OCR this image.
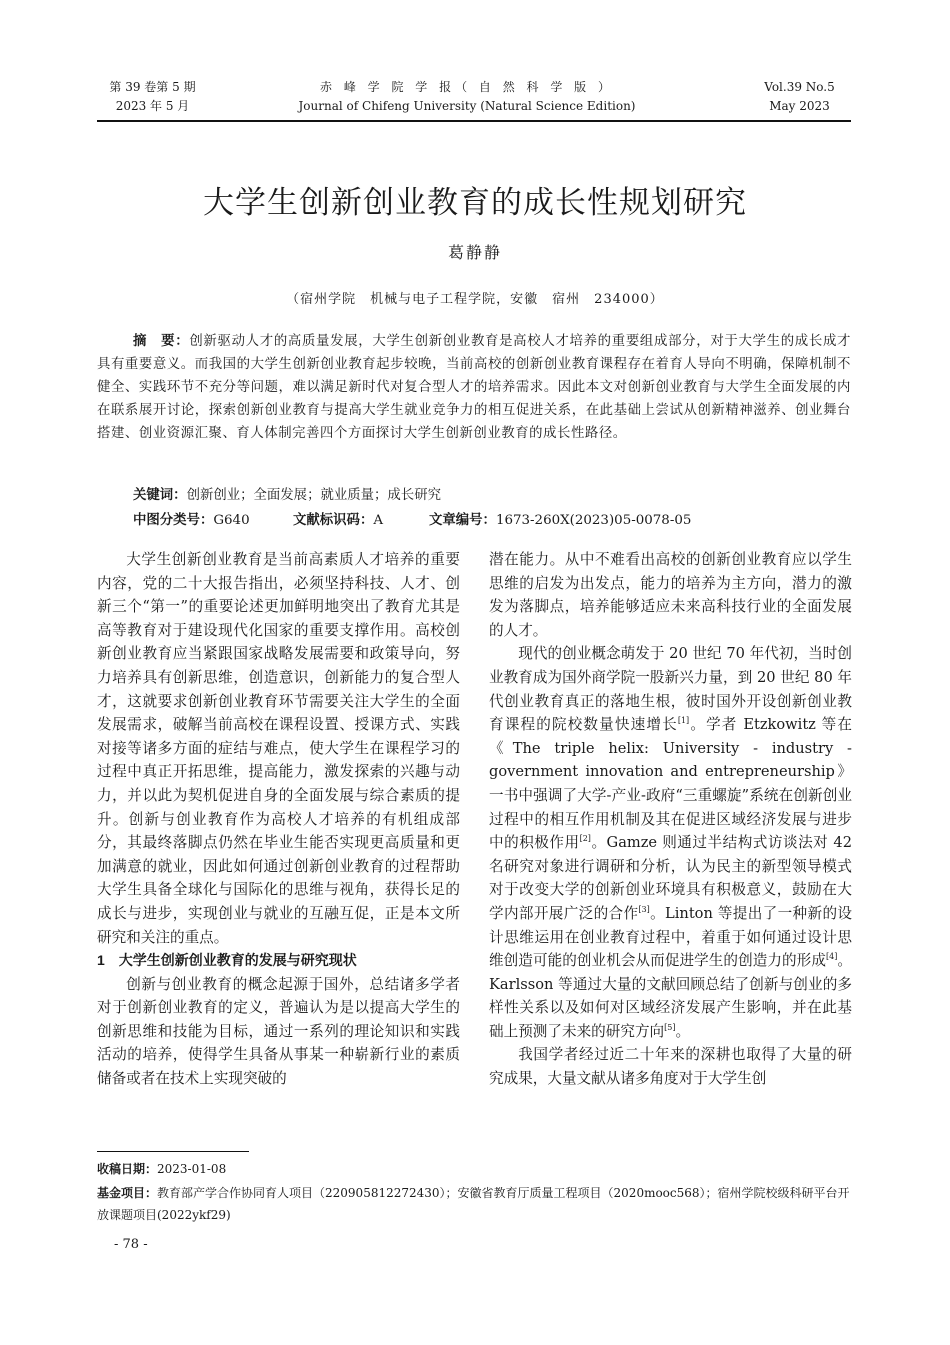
第 39 卷第 5 期
2023 年 5 月
赤 峰 学 院 学 报（ 自 然 科 学 版 ）
Journal of Chifeng University (Natural Science Edition)
Vol.39 No.5
May 2023
大学生创新创业教育的成长性规划研究
葛静静
（宿州学院　机械与电子工程学院，安徽　宿州　234000）
摘　要：创新驱动人才的高质量发展，大学生创新创业教育是高校人才培养的重要组成部分，对于大学生的成长成才具有重要意义。而我国的大学生创新创业教育起步较晚，当前高校的创新创业教育课程存在着育人导向不明确，保障机制不健全、实践环节不充分等问题，难以满足新时代对复合型人才的培养需求。因此本文对创新创业教育与大学生全面发展的内在联系展开讨论，探索创新创业教育与提高大学生就业竞争力的相互促进关系，在此基础上尝试从创新精神滋养、创业舞台搭建、创业资源汇聚、育人体制完善四个方面探讨大学生创新创业教育的成长性路径。
关键词：创新创业；全面发展；就业质量；成长研究
中图分类号：G640	文献标识码：A	文章编号：1673-260X(2023)05-0078-05

大学生创新创业教育是当前高素质人才培养的重要内容，党的二十大报告指出，必须坚持科技、人才、创新三个“第一”的重要论述更加鲜明地突出了教育尤其是高等教育对于建设现代化国家的重要支撑作用。高校创新创业教育应当紧跟国家战略发展需要和政策导向，努力培养具有创新思维，创造意识，创新能力的复合型人才，这就要求创新创业教育环节需要关注大学生的全面发展需求，破解当前高校在课程设置、授课方式、实践对接等诸多方面的症结与难点，使大学生在课程学习的过程中真正开拓思维，提高能力，激发探索的兴趣与动力，并以此为契机促进自身的全面发展与综合素质的提升。创新与创业教育作为高校人才培养的有机组成部分，其最终落脚点仍然在毕业生能否实现更高质量和更加满意的就业，因此如何通过创新创业教育的过程帮助大学生具备全球化与国际化的思维与视角，获得长足的成长与进步，实现创业与就业的互融互促，正是本文所研究和关注的重点。

1　大学生创新创业教育的发展与研究现状

创新与创业教育的概念起源于国外，总结诸多学者对于创新创业教育的定义，普遍认为是以提高大学生的创新思维和技能为目标，通过一系列的理论知识和实践活动的培养，使得学生具备从事某一种崭新行业的素质储备或者在技术上实现突破的

潜在能力。从中不难看出高校的创新创业教育应以学生思维的启发为出发点，能力的培养为主方向，潜力的激发为落脚点，培养能够适应未来高科技行业的全面发展的人才。

现代的创业概念萌发于 20 世纪 70 年代初，当时创业教育成为国外商学院一股新兴力量，到 20 世纪 80 年代创业教育真正的落地生根，彼时国外开设创新创业教育课程的院校数量快速增长[1]。学者 Etzkowitz 等在《The triple helix: University - industry - government innovation and entrepreneurship》一书中强调了大学-产业-政府“三重螺旋”系统在创新创业过程中的相互作用机制及其在促进区域经济发展与进步中的积极作用[2]。Gamze 则通过半结构式访谈法对 42 名研究对象进行调研和分析，认为民主的新型领导模式对于改变大学的创新创业环境具有积极意义，鼓励在大学内部开展广泛的合作[3]。Linton 等提出了一种新的设计思维运用在创业教育过程中，着重于如何通过设计思维创造可能的创业机会从而促进学生的创造力的形成[4]。Karlsson 等通过大量的文献回顾总结了创新与创业的多样性关系以及如何对区域经济发展产生影响，并在此基础上预测了未来的研究方向[5]。

我国学者经过近二十年来的深耕也取得了大量的研究成果，大量文献从诸多角度对于大学生创

收稿日期：2023-01-08
基金项目：教育部产学合作协同育人项目（220905812272430）；安徽省教育厅质量工程项目（2020mooc568）；宿州学院校级科研平台开放课题项目(2022ykf29)
- 78 -
